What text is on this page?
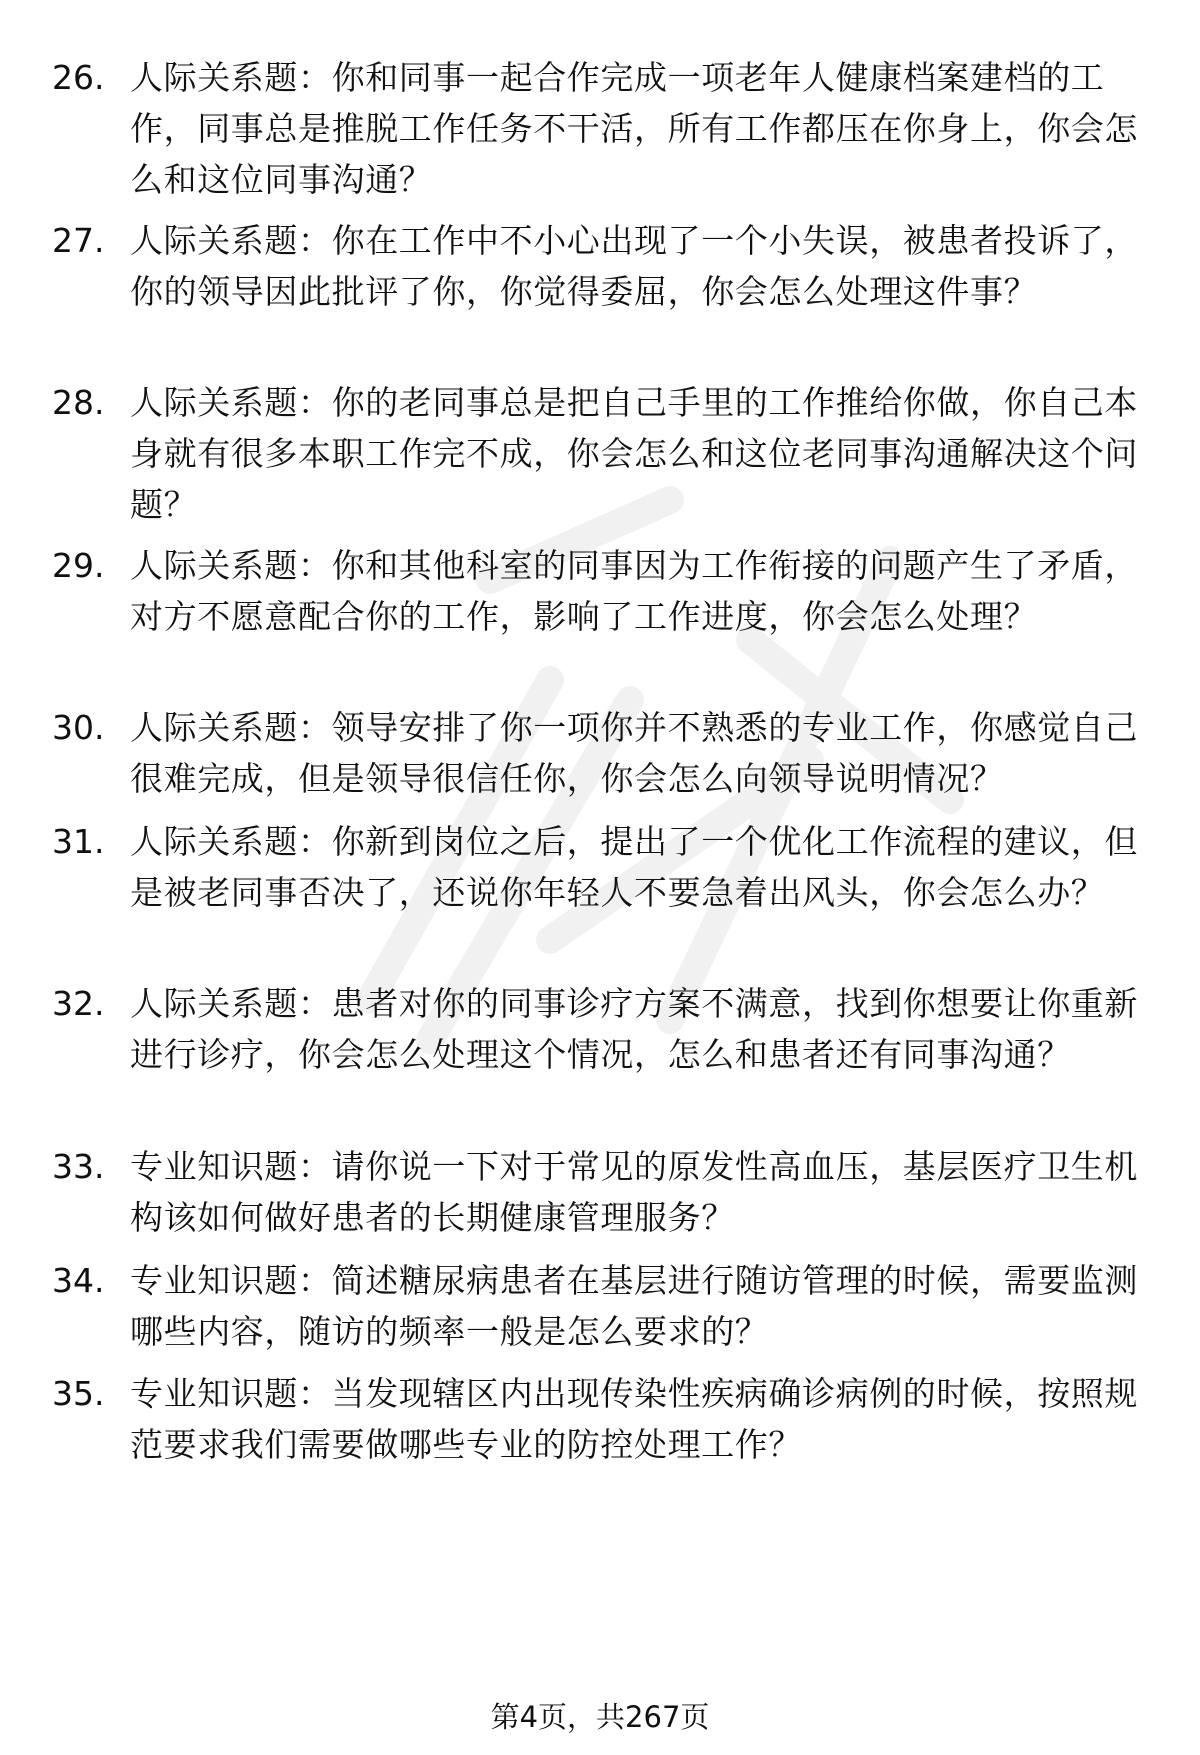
26. 人际关系题：你和同事一起合作完成一项老年人健康档案建档的工作，同事总是推脱工作任务不干活，所有工作都压在你身上，你会怎么和这位同事沟通？
27. 人际关系题：你在工作中不小心出现了一个小失误，被患者投诉了，你的领导因此批评了你，你觉得委屈，你会怎么处理这件事？
28. 人际关系题：你的老同事总是把自己手里的工作推给你做，你自己本身就有很多本职工作完不成，你会怎么和这位老同事沟通解决这个问题？
29. 人际关系题：你和其他科室的同事因为工作衔接的问题产生了矛盾，对方不愿意配合你的工作，影响了工作进度，你会怎么处理？
30. 人际关系题：领导安排了你一项你并不熟悉的专业工作，你感觉自己很难完成，但是领导很信任你，你会怎么向领导说明情况？
31. 人际关系题：你新到岗位之后，提出了一个优化工作流程的建议，但是被老同事否决了，还说你年轻人不要急着出风头，你会怎么办？
32. 人际关系题：患者对你的同事诊疗方案不满意，找到你想要让你重新进行诊疗，你会怎么处理这个情况，怎么和患者还有同事沟通？
33. 专业知识题：请你说一下对于常见的原发性高血压，基层医疗卫生机构该如何做好患者的长期健康管理服务？
34. 专业知识题：简述糖尿病患者在基层进行随访管理的时候，需要监测哪些内容，随访的频率一般是怎么要求的？
35. 专业知识题：当发现辖区内出现传染性疾病确诊病例的时候，按照规范要求我们需要做哪些专业的防控处理工作？
第4页，共267页
